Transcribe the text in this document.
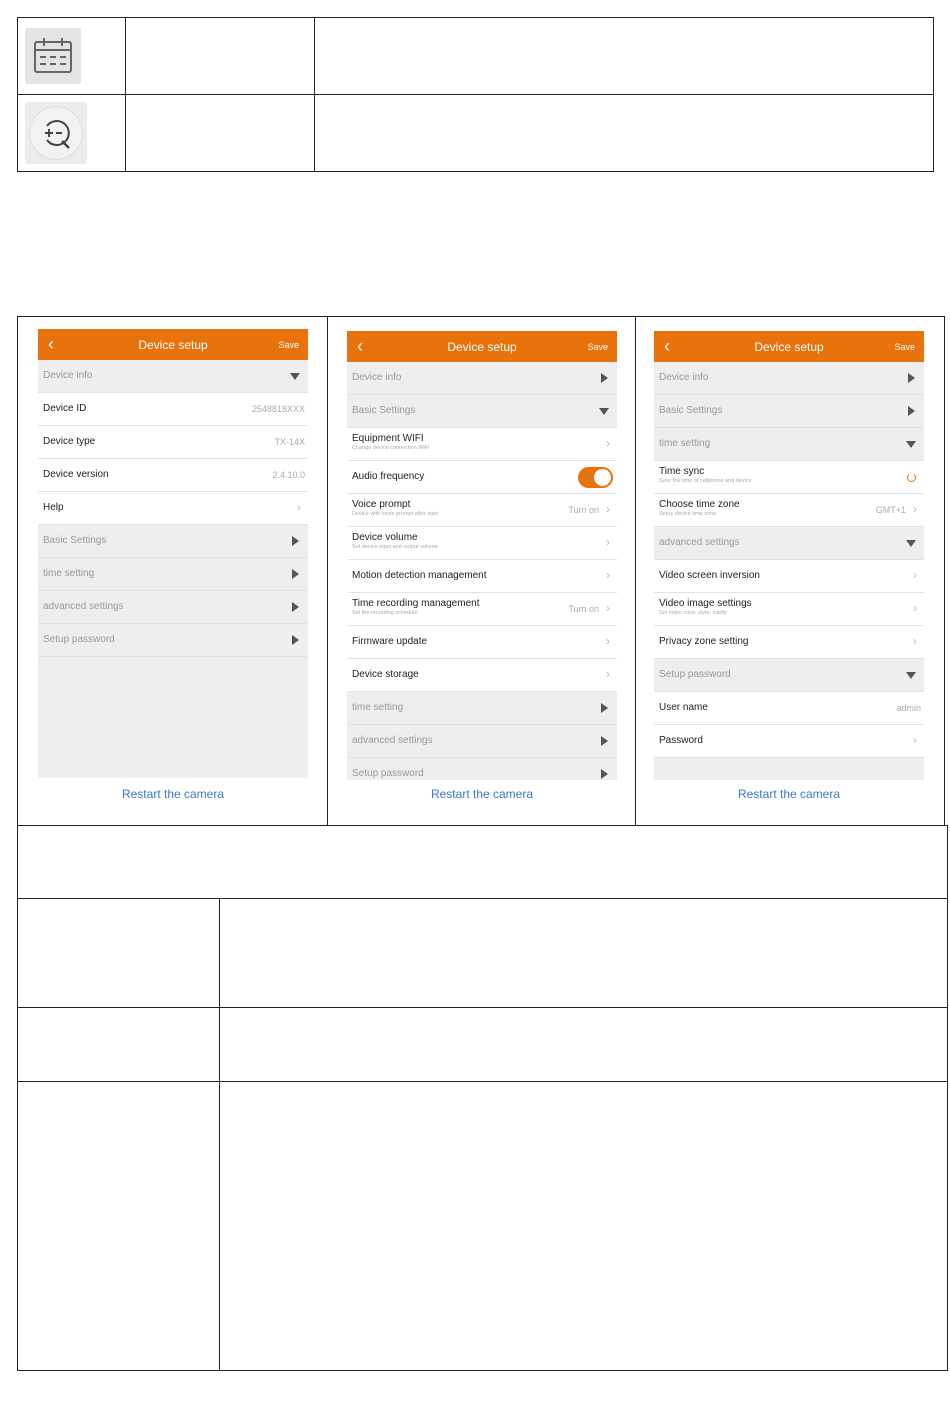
‹	Device setup	Save
Device info
Device ID	2548818XXX
Device type	TX-14X
Device version	2.4.10.0
Help	›
Basic Settings
time setting
advanced settings
Setup password
Restart the camera
‹	Device setup	Save
Device info
Basic Settings
Equipment WIFI
Change device connection WiFi	›
Audio frequency
Voice prompt
Device with voice prompt after start	Turn on ›
Device volume
Set device input and output volume	›
Motion detection management	›
Time recording management
Set the recording schedule	Turn on ›
Firmware update	›
Device storage	›
time setting
advanced settings
Setup password
Restart the camera
‹	Device setup	Save
Device info
Basic Settings
time setting
Time sync
Sync the time of cellphone and device
Choose time zone
Setup device time zone	GMT+1 ›
advanced settings
Video screen inversion	›
Video image settings
Set video color, style, clarity	›
Privacy zone setting	›
Setup password
User name	admin
Password	›
Restart the camera
